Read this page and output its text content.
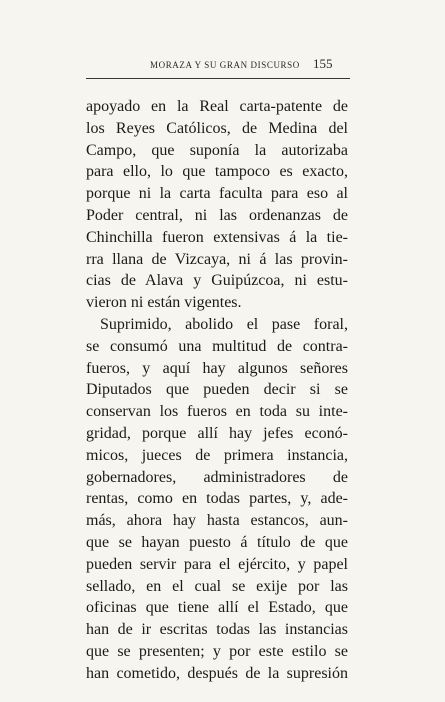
MORAZA Y SU GRAN DISCURSO	155
apoyado en la Real carta-patente de
los Reyes Católicos, de Medina del
Campo, que suponía la autorizaba
para ello, lo que tampoco es exacto,
porque ni la carta faculta para eso al
Poder central, ni las ordenanzas de
Chinchilla fueron extensivas á la tie-
rra llana de Vizcaya, ni á las provin-
cias de Alava y Guipúzcoa, ni estu-
vieron ni están vigentes.
Suprimido, abolido el pase foral,
se consumó una multitud de contra-
fueros, y aquí hay algunos señores
Diputados que pueden decir si se
conservan los fueros en toda su inte-
gridad, porque allí hay jefes econó-
micos, jueces de primera instancia,
gobernadores, administradores de
rentas, como en todas partes, y, ade-
más, ahora hay hasta estancos, aun-
que se hayan puesto á título de que
pueden servir para el ejército, y papel
sellado, en el cual se exije por las
oficinas que tiene allí el Estado, que
han de ir escritas todas las instancias
que se presenten; y por este estilo se
han cometido, después de la supresión
